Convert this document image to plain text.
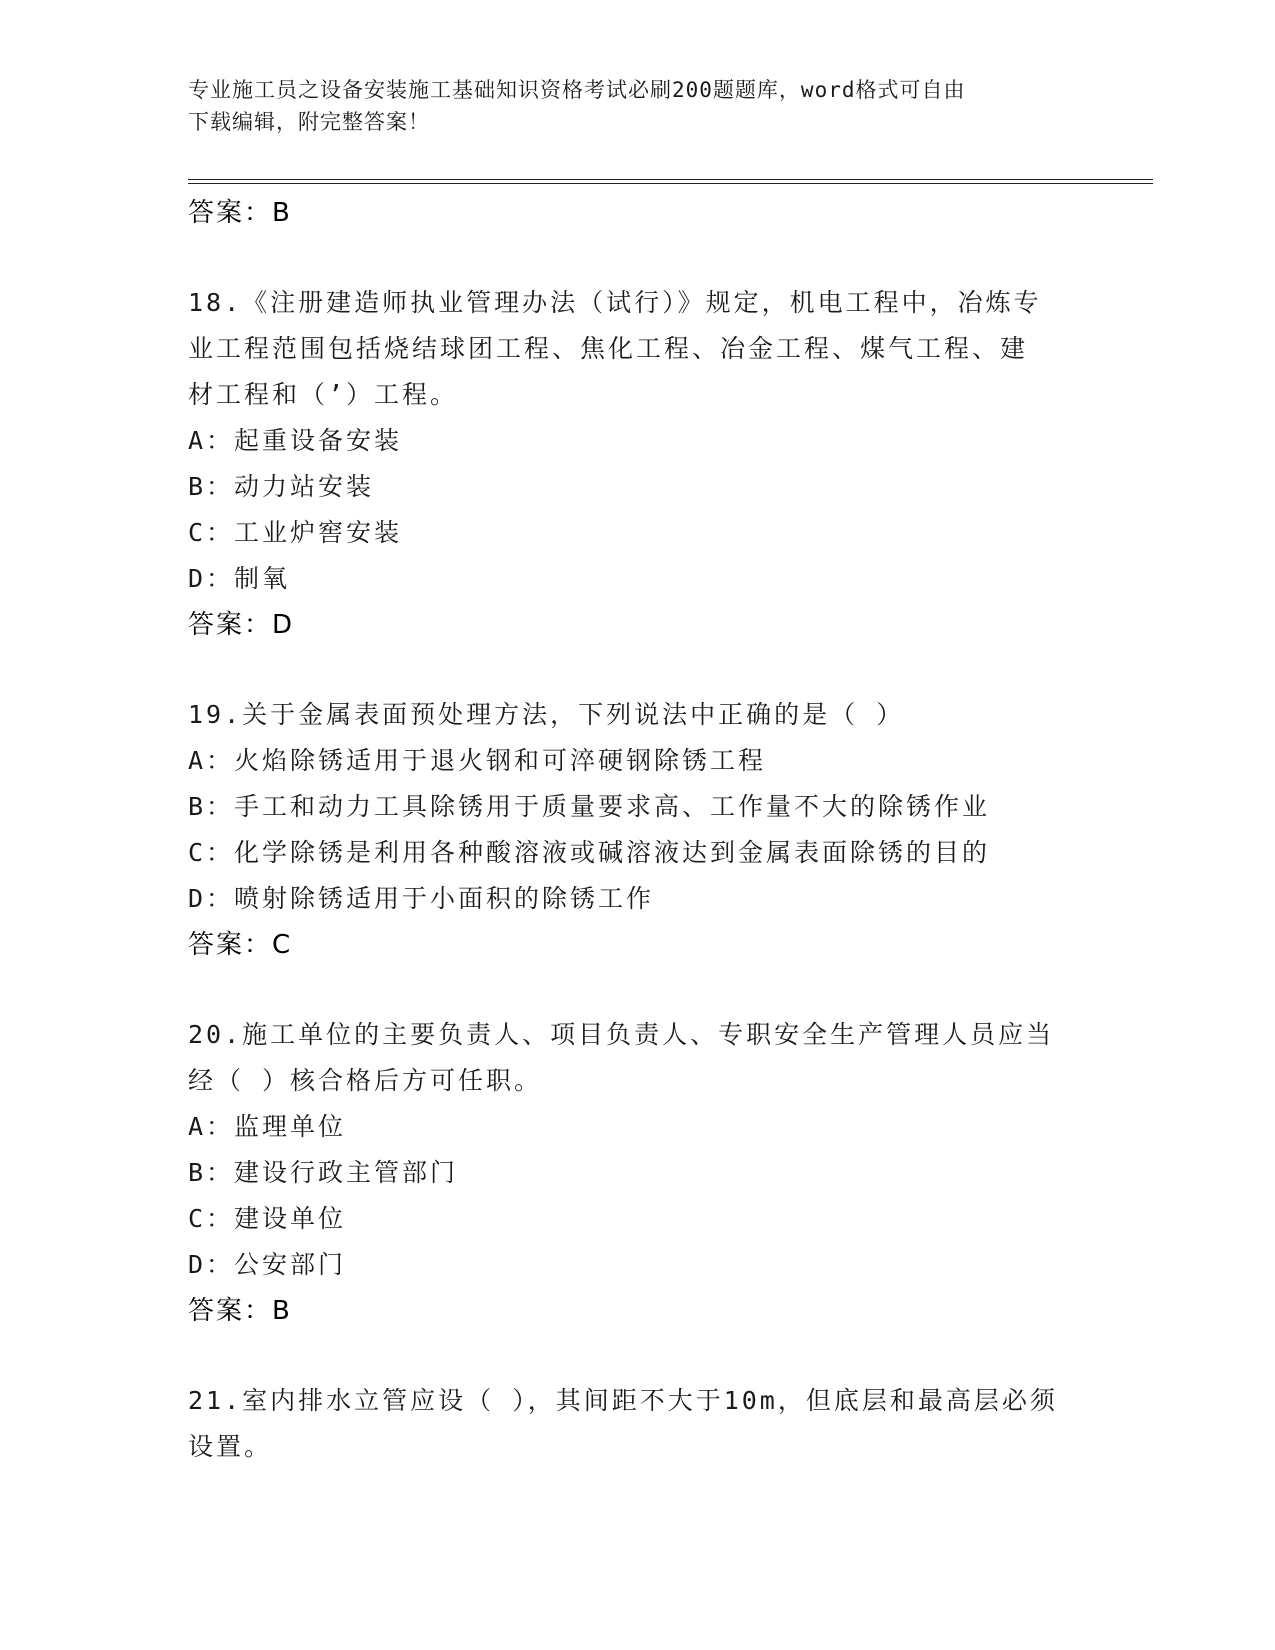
专业施工员之设备安装施工基础知识资格考试必刷200题题库，word格式可自由
下载编辑，附完整答案！
答案：B
18.《注册建造师执业管理办法（试行）》规定，机电工程中，冶炼专
业工程范围包括烧结球团工程、焦化工程、冶金工程、煤气工程、建
材工程和（’）工程。
A：起重设备安装
B：动力站安装
C：工业炉窖安装
D：制氧
答案：D
19.关于金属表面预处理方法，下列说法中正确的是（ ）
A：火焰除锈适用于退火钢和可淬硬钢除锈工程
B：手工和动力工具除锈用于质量要求高、工作量不大的除锈作业
C：化学除锈是利用各种酸溶液或碱溶液达到金属表面除锈的目的
D：喷射除锈适用于小面积的除锈工作
答案：C
20.施工单位的主要负责人、项目负责人、专职安全生产管理人员应当
经（ ）核合格后方可任职。
A：监理单位
B：建设行政主管部门
C：建设单位
D：公安部门
答案：B
21.室内排水立管应设（ ），其间距不大于10m，但底层和最高层必须
设置。
